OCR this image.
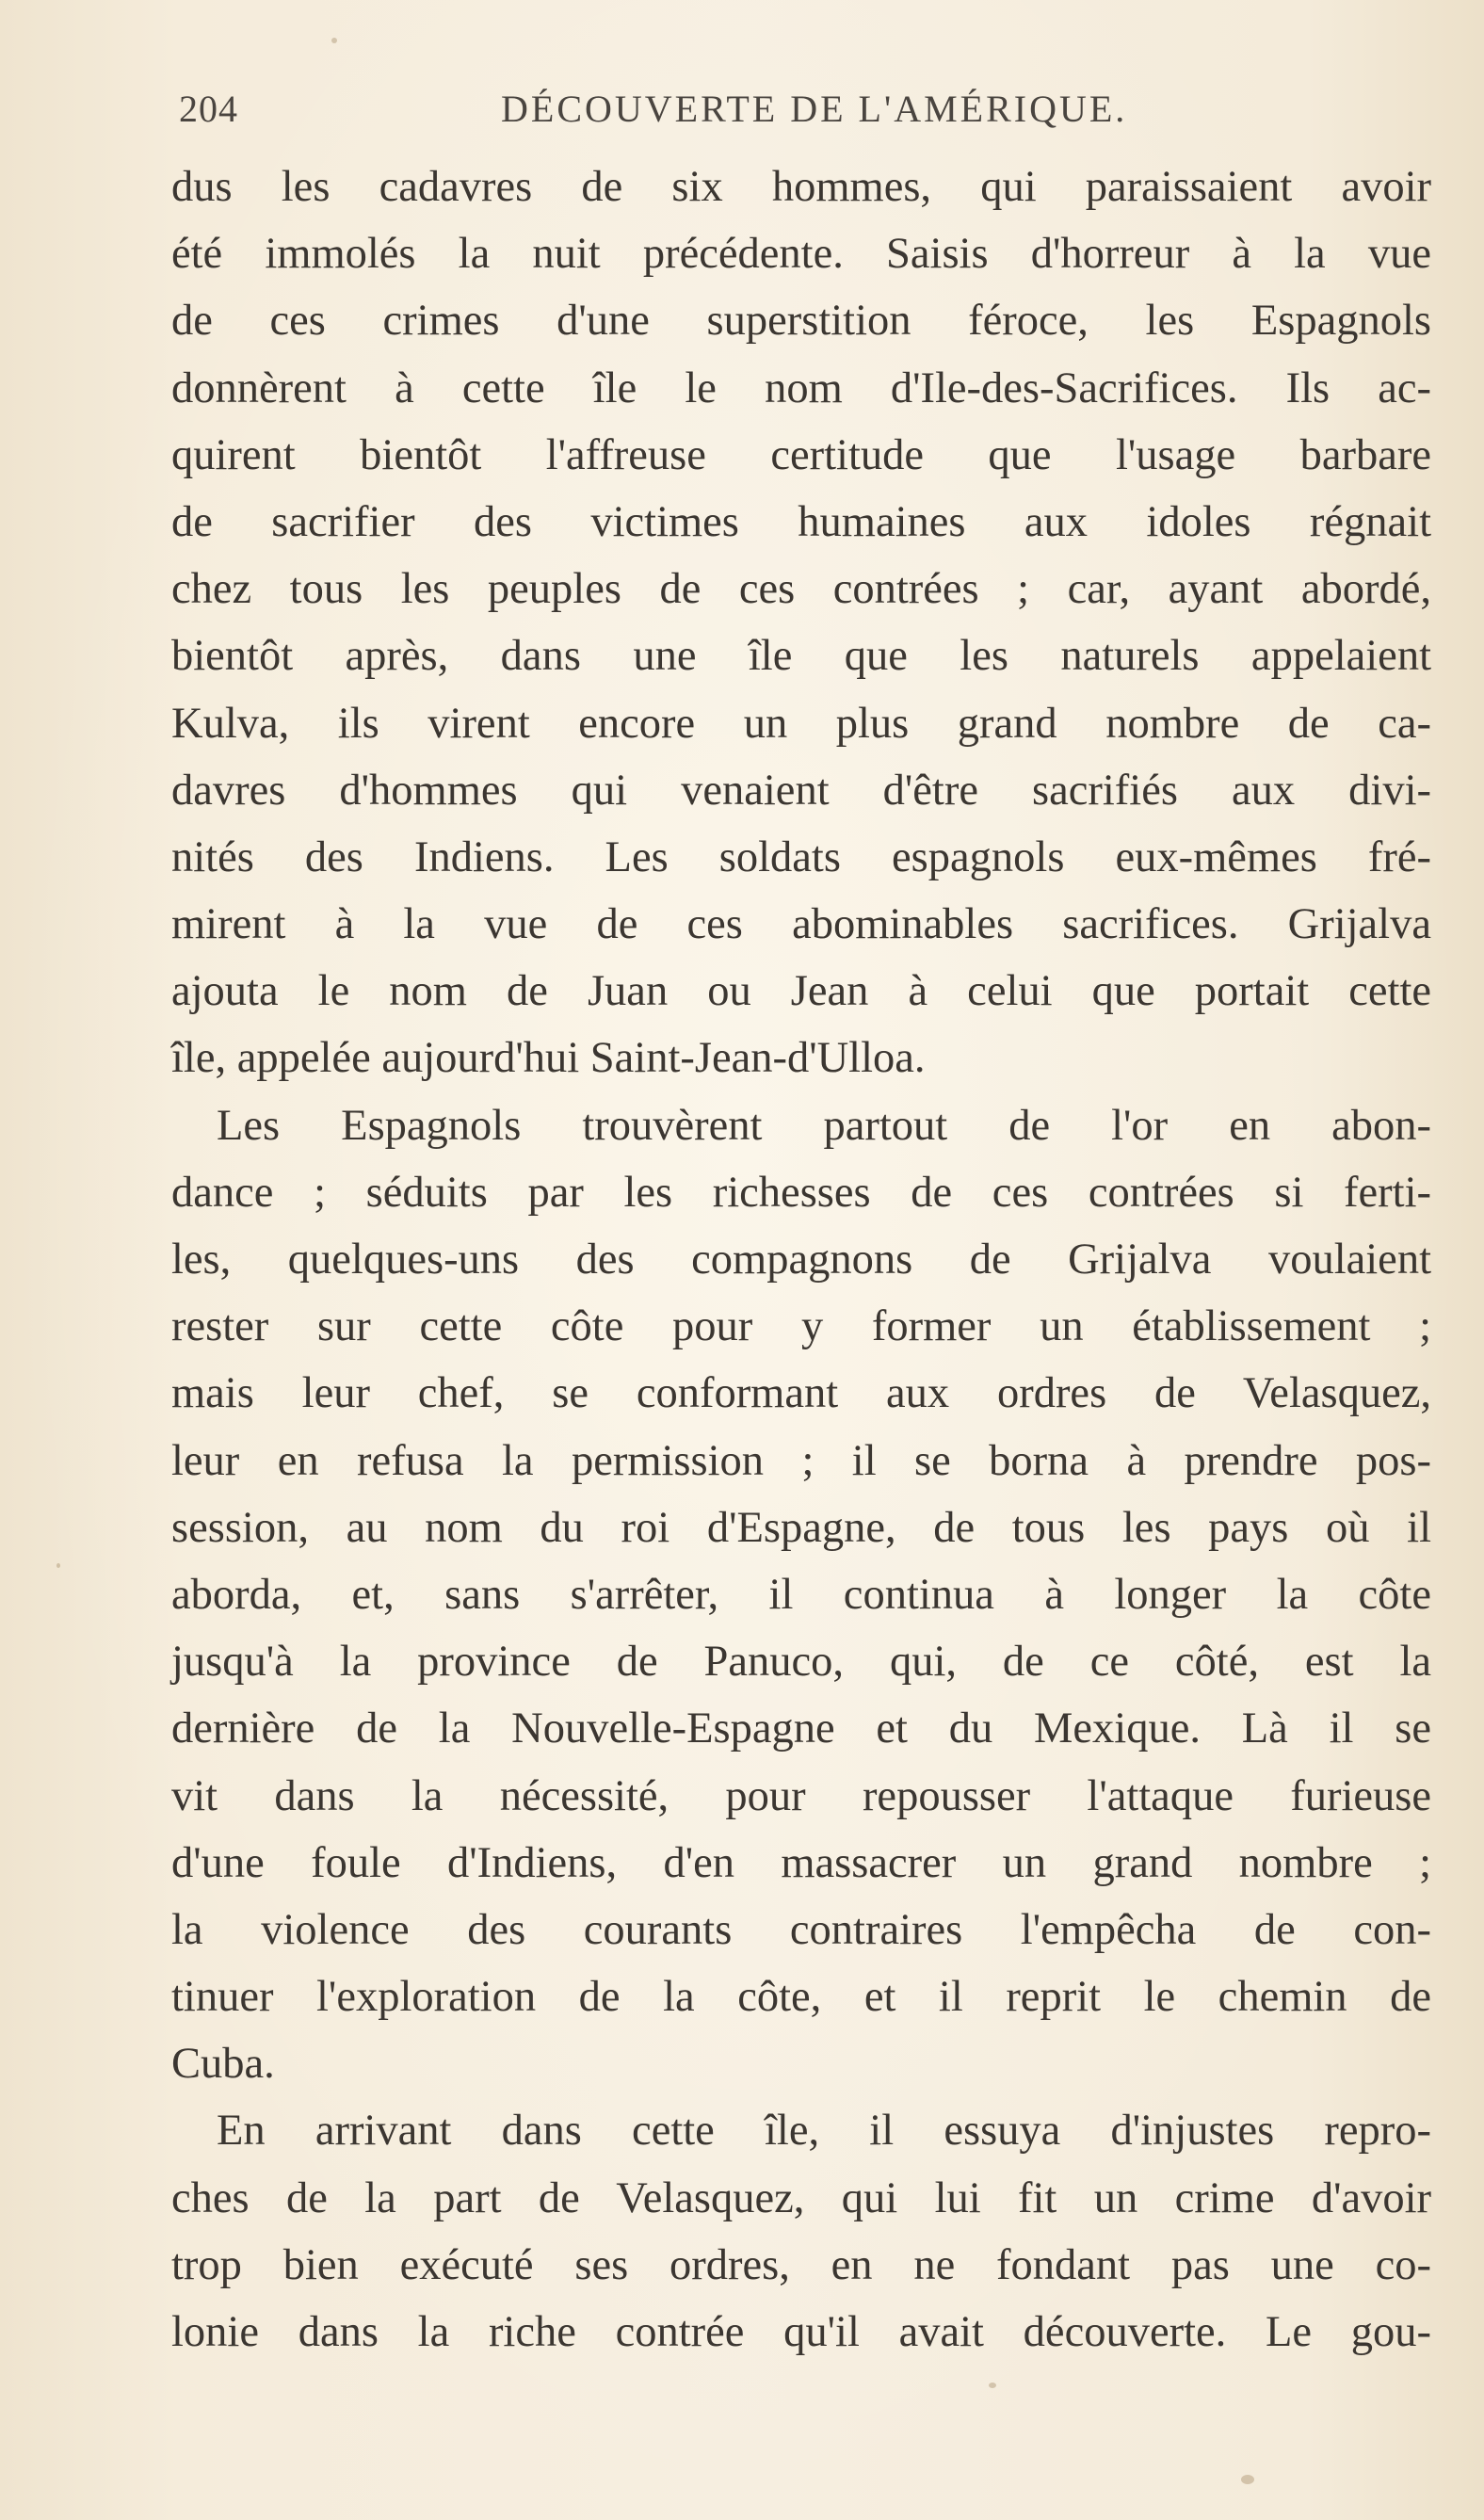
204	DÉCOUVERTE DE L'AMÉRIQUE.
dus les cadavres de six hommes, qui paraissaient avoir
été immolés la nuit précédente. Saisis d'horreur à la vue
de ces crimes d'une superstition féroce, les Espagnols
donnèrent à cette île le nom d'Ile-des-Sacrifices. Ils ac-
quirent bientôt l'affreuse certitude que l'usage barbare
de sacrifier des victimes humaines aux idoles régnait
chez tous les peuples de ces contrées ; car, ayant abordé,
bientôt après, dans une île que les naturels appelaient
Kulva, ils virent encore un plus grand nombre de ca-
davres d'hommes qui venaient d'être sacrifiés aux divi-
nités des Indiens. Les soldats espagnols eux-mêmes fré-
mirent à la vue de ces abominables sacrifices. Grijalva
ajouta le nom de Juan ou Jean à celui que portait cette
île, appelée aujourd'hui Saint-Jean-d'Ulloa.
Les Espagnols trouvèrent partout de l'or en abon-
dance ; séduits par les richesses de ces contrées si ferti-
les, quelques-uns des compagnons de Grijalva voulaient
rester sur cette côte pour y former un établissement ;
mais leur chef, se conformant aux ordres de Velasquez,
leur en refusa la permission ; il se borna à prendre pos-
session, au nom du roi d'Espagne, de tous les pays où il
aborda, et, sans s'arrêter, il continua à longer la côte
jusqu'à la province de Panuco, qui, de ce côté, est la
dernière de la Nouvelle-Espagne et du Mexique. Là il se
vit dans la nécessité, pour repousser l'attaque furieuse
d'une foule d'Indiens, d'en massacrer un grand nombre ;
la violence des courants contraires l'empêcha de con-
tinuer l'exploration de la côte, et il reprit le chemin de
Cuba.
En arrivant dans cette île, il essuya d'injustes repro-
ches de la part de Velasquez, qui lui fit un crime d'avoir
trop bien exécuté ses ordres, en ne fondant pas une co-
lonie dans la riche contrée qu'il avait découverte. Le gou-
